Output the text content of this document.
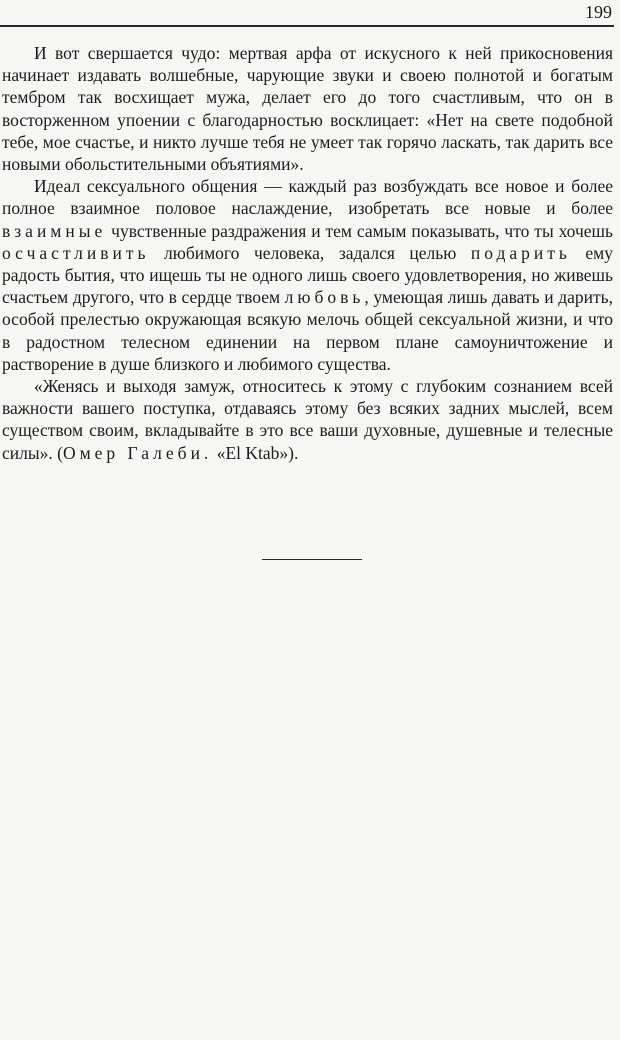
199

И вот свершается чудо: мертвая арфа от искусного к ней прикосновения начинает издавать волшебные, чарующие звуки и своею полнотой и богатым тембром так восхищает мужа, делает его до того счастливым, что он в восторженном упоении с благодарностью восклицает: «Нет на свете подобной тебе, мое счастье, и никто лучше тебя не умеет так горячо ласкать, так дарить все новыми обольстительными объятиями».

Идеал сексуального общения — каждый раз возбуждать все новое и более полное взаимное половое наслаждение, изобретать все новые и более взаимные чувственные раздражения и тем самым показывать, что ты хочешь осчастливить любимого человека, задался целью подарить ему радость бытия, что ищешь ты не одного лишь своего удовлетворения, но живешь счастьем другого, что в сердце твоем любовь, умеющая лишь давать и дарить, особой прелестью окружающая всякую мелочь общей сексуальной жизни, и что в радостном телесном единении на первом плане самоуничтожение и растворение в душе близкого и любимого существа.

«Женясь и выходя замуж, относитесь к этому с глубоким сознанием всей важности вашего поступка, отдаваясь этому без всяких задних мыслей, всем существом своим, вкладывайте в это все ваши духовные, душевные и телесные силы». (Омер Галеби. «El Ktab»).
